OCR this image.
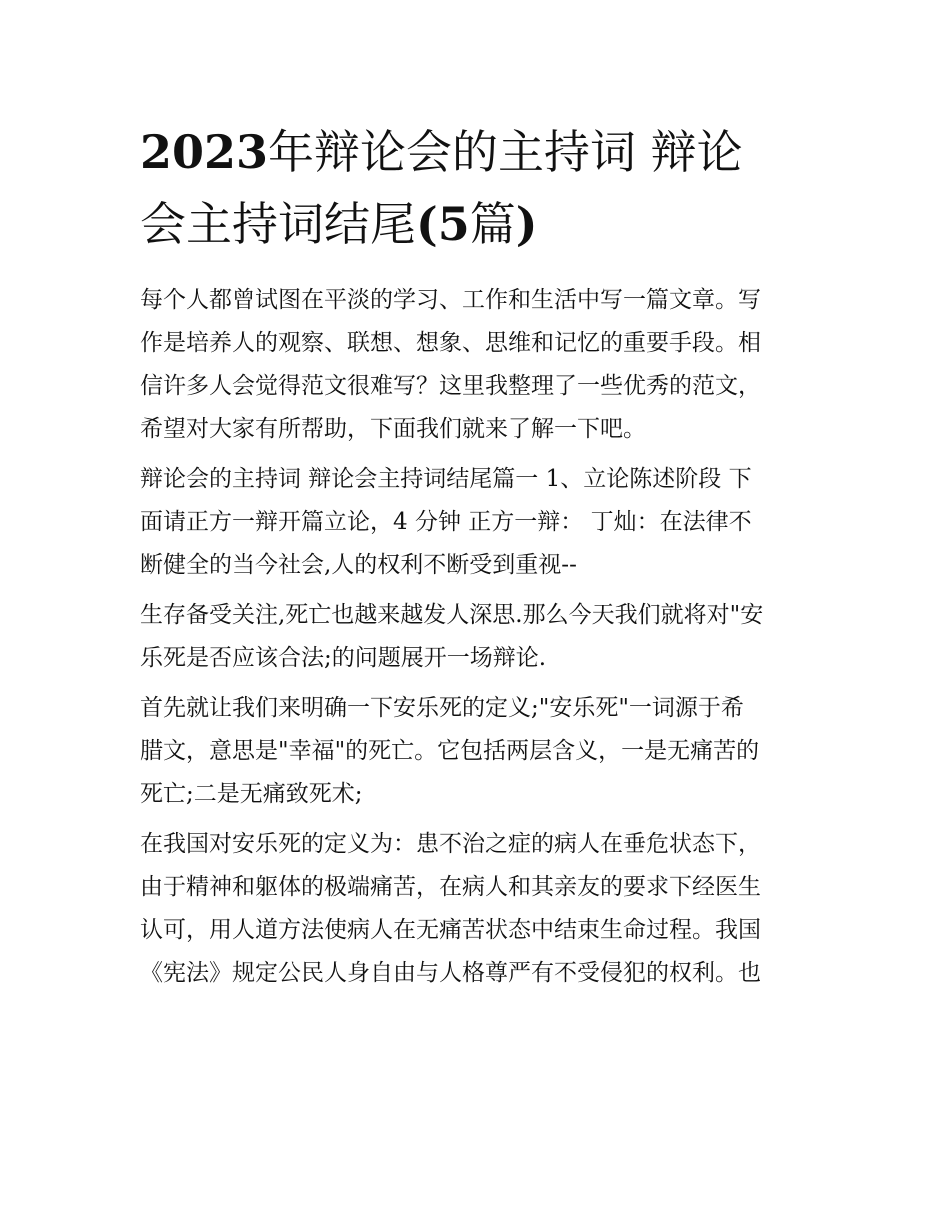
2023年辩论会的主持词 辩论
会主持词结尾(5篇)
每个人都曾试图在平淡的学习、工作和生活中写一篇文章。写
作是培养人的观察、联想、想象、思维和记忆的重要手段。相
信许多人会觉得范文很难写？这里我整理了一些优秀的范文，
希望对大家有所帮助，下面我们就来了解一下吧。
辩论会的主持词 辩论会主持词结尾篇一 1、立论陈述阶段 下
面请正方一辩开篇立论，4 分钟 正方一辩： 丁灿：在法律不
断健全的当今社会,人的权利不断受到重视--
生存备受关注,死亡也越来越发人深思.那么今天我们就将对"安
乐死是否应该合法;的问题展开一场辩论.
首先就让我们来明确一下安乐死的定义;"安乐死"一词源于希
腊文，意思是"幸福"的死亡。它包括两层含义，一是无痛苦的
死亡;二是无痛致死术;
在我国对安乐死的定义为：患不治之症的病人在垂危状态下，
由于精神和躯体的极端痛苦，在病人和其亲友的要求下经医生
认可，用人道方法使病人在无痛苦状态中结束生命过程。我国
《宪法》规定公民人身自由与人格尊严有不受侵犯的权利。也
